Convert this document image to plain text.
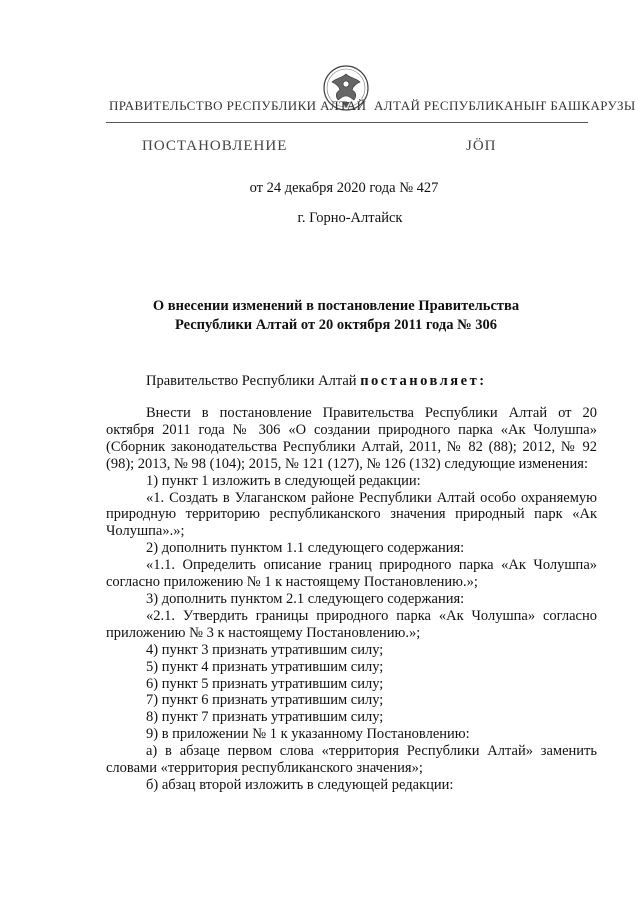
ПРАВИТЕЛЬСТВО РЕСПУБЛИКИ АЛТАЙ АЛТАЙ РЕСПУБЛИКАНЫҤ БАШКАРУЗЫ
ПОСТАНОВЛЕНИЕ	ЈӦП
от 24 декабря 2020 года № 427
г. Горно-Алтайск
О внесении изменений в постановление Правительства
Республики Алтай от 20 октября 2011 года № 306
Правительство Республики Алтай постановляет:

Внести в постановление Правительства Республики Алтай от 20 октября 2011 года № 306 «О создании природного парка «Ак Чолушпа» (Сборник законодательства Республики Алтай, 2011, № 82 (88); 2012, № 92 (98); 2013, № 98 (104); 2015, № 121 (127), № 126 (132) следующие изменения:

1) пункт 1 изложить в следующей редакции:

«1. Создать в Улаганском районе Республики Алтай особо охраняемую природную территорию республиканского значения природный парк «Ак Чолушпа».»;

2) дополнить пунктом 1.1 следующего содержания:

«1.1. Определить описание границ природного парка «Ак Чолушпа» согласно приложению № 1 к настоящему Постановлению.»;

3) дополнить пунктом 2.1 следующего содержания:

«2.1. Утвердить границы природного парка «Ак Чолушпа» согласно приложению № 3 к настоящему Постановлению.»;

4) пункт 3 признать утратившим силу;

5) пункт 4 признать утратившим силу;

6) пункт 5 признать утратившим силу;

7) пункт 6 признать утратившим силу;

8) пункт 7 признать утратившим силу;

9) в приложении № 1 к указанному Постановлению:

а) в абзаце первом слова «территория Республики Алтай» заменить словами «территория республиканского значения»;

б) абзац второй изложить в следующей редакции:
